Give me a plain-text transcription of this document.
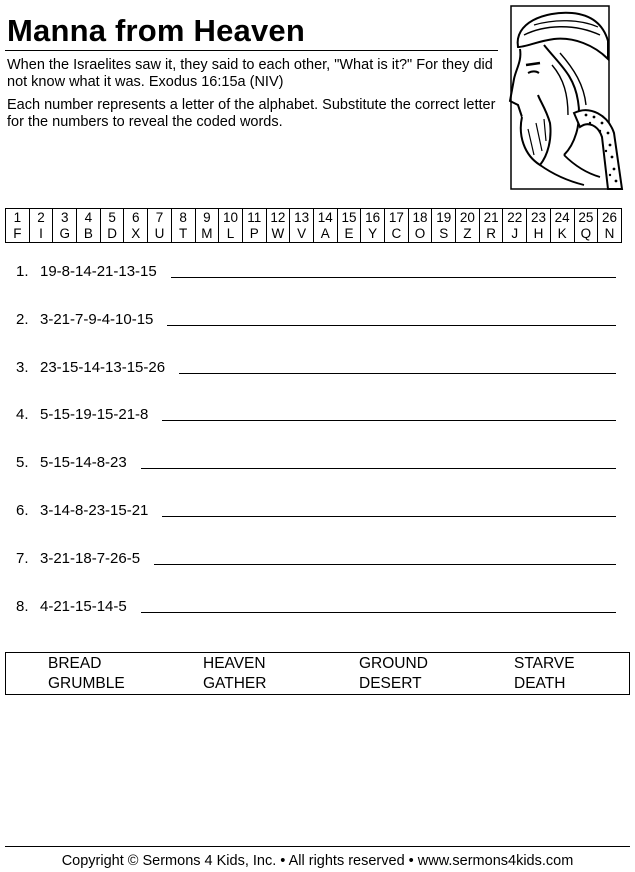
Manna from Heaven
When the Israelites saw it, they said to each other, "What is it?" For they did not know what it was. Exodus 16:15a (NIV)
Each number represents a letter of the alphabet. Substitute the correct letter for the numbers to reveal the coded words.
1	2	3	4	5	6	7	8	9	10	11	12	13	14	15	16	17	18	19	20	21	22	23	24	25	26
F	I	G	B	D	X	U	T	M	L	P	W	V	A	E	Y	C	O	S	Z	R	J	H	K	Q	N
1. 19-8-14-21-13-15
2. 3-21-7-9-4-10-15
3. 23-15-14-13-15-26
4. 5-15-19-15-21-8
5. 5-15-14-8-23
6. 3-14-8-23-15-21
7. 3-21-18-7-26-5
8. 4-21-15-14-5
BREAD	HEAVEN	GROUND	STARVE
GRUMBLE	GATHER	DESERT	DEATH
Copyright © Sermons 4 Kids, Inc. • All rights reserved • www.sermons4kids.com
